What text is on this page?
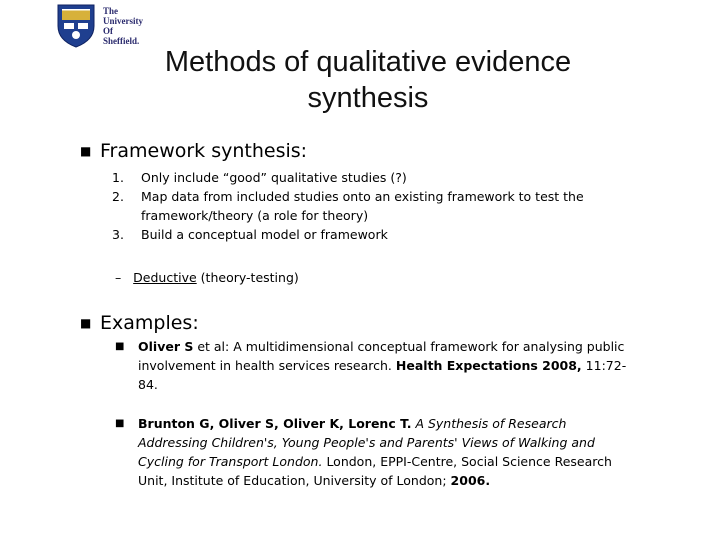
The
University
Of
Sheffield.
Methods of qualitative evidence
synthesis
■ Framework synthesis:
1. Only include “good” qualitative studies (?)
2. Map data from included studies onto an existing framework to test the framework/theory (a role for theory)
3. Build a conceptual model or framework
– Deductive (theory-testing)
■ Examples:
■ Oliver S et al: A multidimensional conceptual framework for analysing public involvement in health services research. Health Expectations 2008, 11:72-84.
■ Brunton G, Oliver S, Oliver K, Lorenc T. A Synthesis of Research Addressing Children's, Young People's and Parents' Views of Walking and Cycling for Transport London. London, EPPI-Centre, Social Science Research Unit, Institute of Education, University of London; 2006.
